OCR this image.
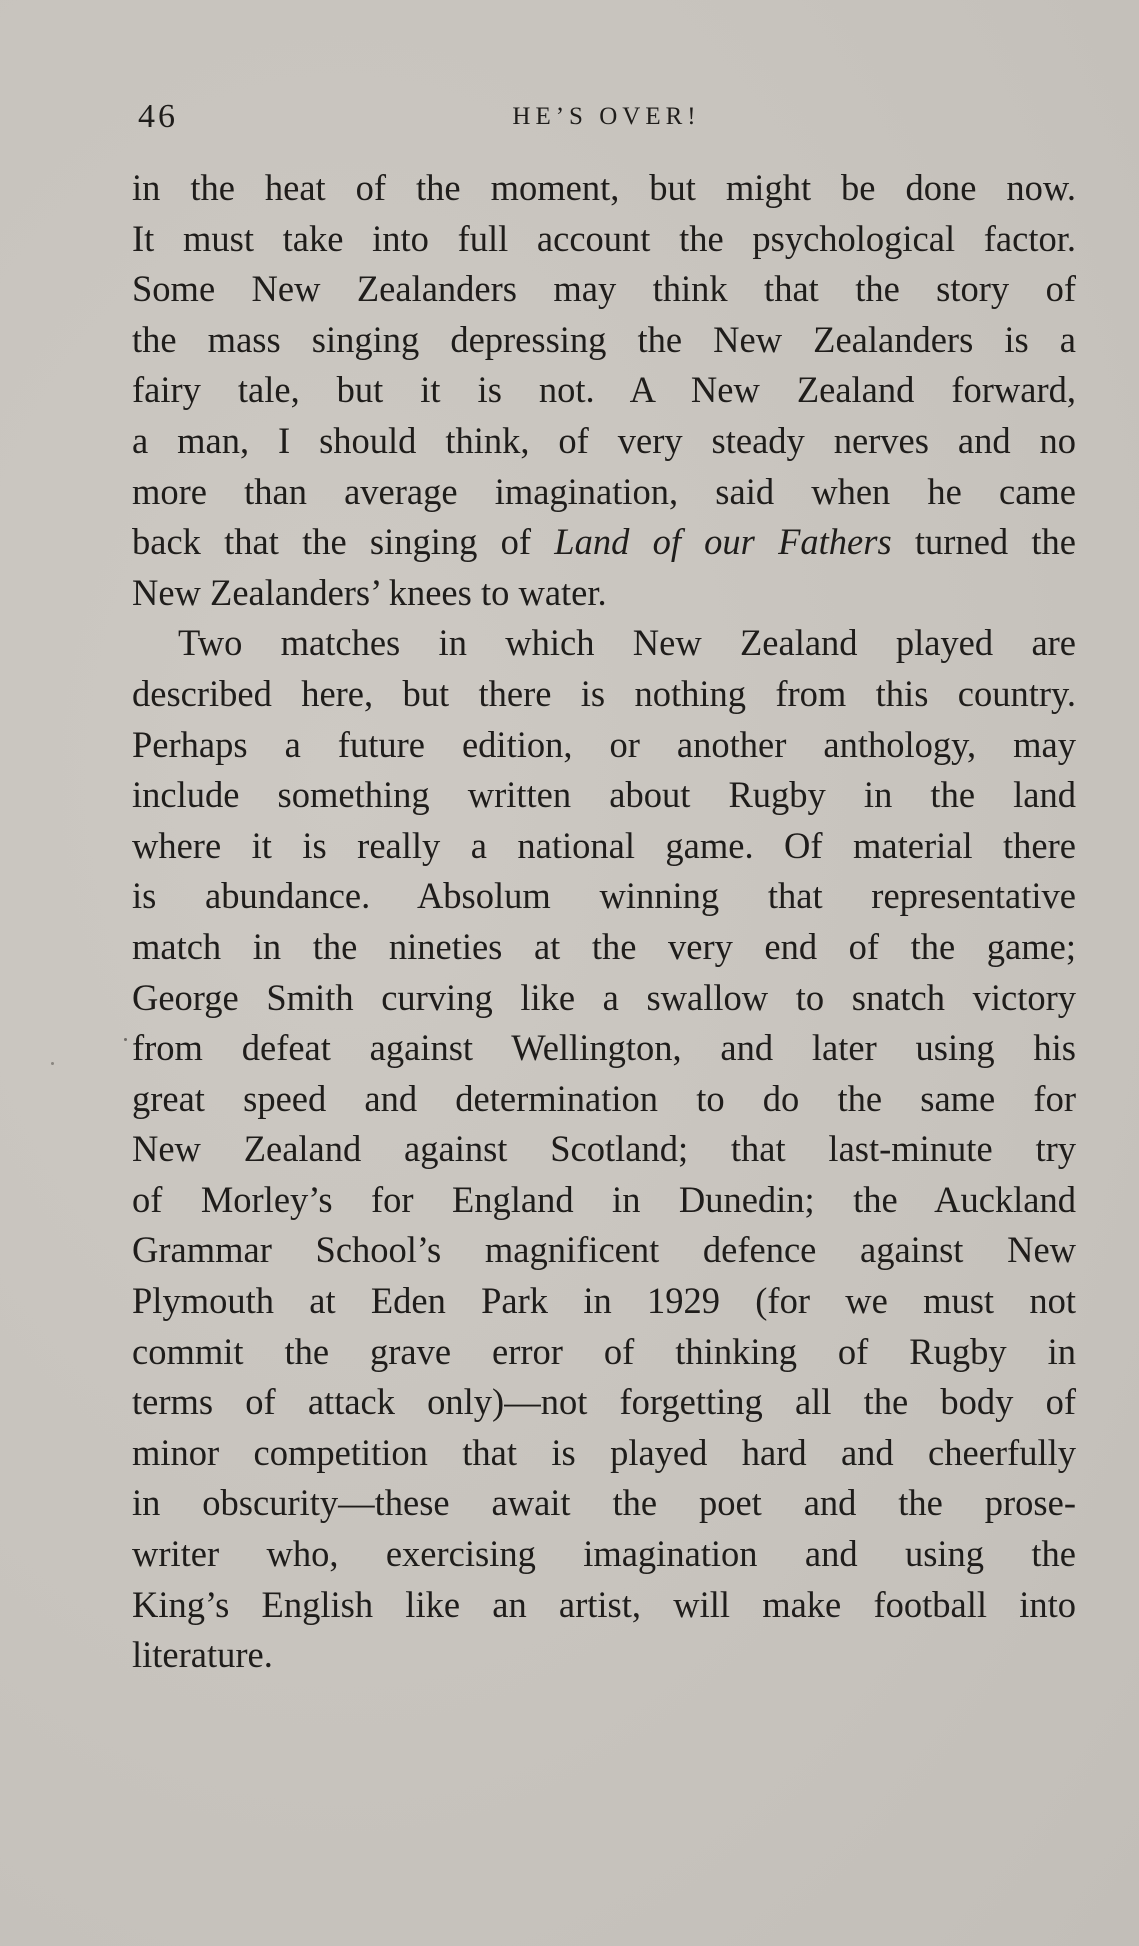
46	HE’S OVER!
in the heat of the moment, but might be done now.
It must take into full account the psychological factor.
Some New Zealanders may think that the story of
the mass singing depressing the New Zealanders is a
fairy tale, but it is not. A New Zealand forward,
a man, I should think, of very steady nerves and no
more than average imagination, said when he came
back that the singing of Land of our Fathers turned the
New Zealanders’ knees to water.
Two matches in which New Zealand played are
described here, but there is nothing from this country.
Perhaps a future edition, or another anthology, may
include something written about Rugby in the land
where it is really a national game. Of material there
is abundance. Absolum winning that representative
match in the nineties at the very end of the game;
George Smith curving like a swallow to snatch victory
from defeat against Wellington, and later using his
great speed and determination to do the same for
New Zealand against Scotland; that last-minute try
of Morley’s for England in Dunedin; the Auckland
Grammar School’s magnificent defence against New
Plymouth at Eden Park in 1929 (for we must not
commit the grave error of thinking of Rugby in
terms of attack only)—not forgetting all the body of
minor competition that is played hard and cheerfully
in obscurity—these await the poet and the prose-
writer who, exercising imagination and using the
King’s English like an artist, will make football into
literature.
